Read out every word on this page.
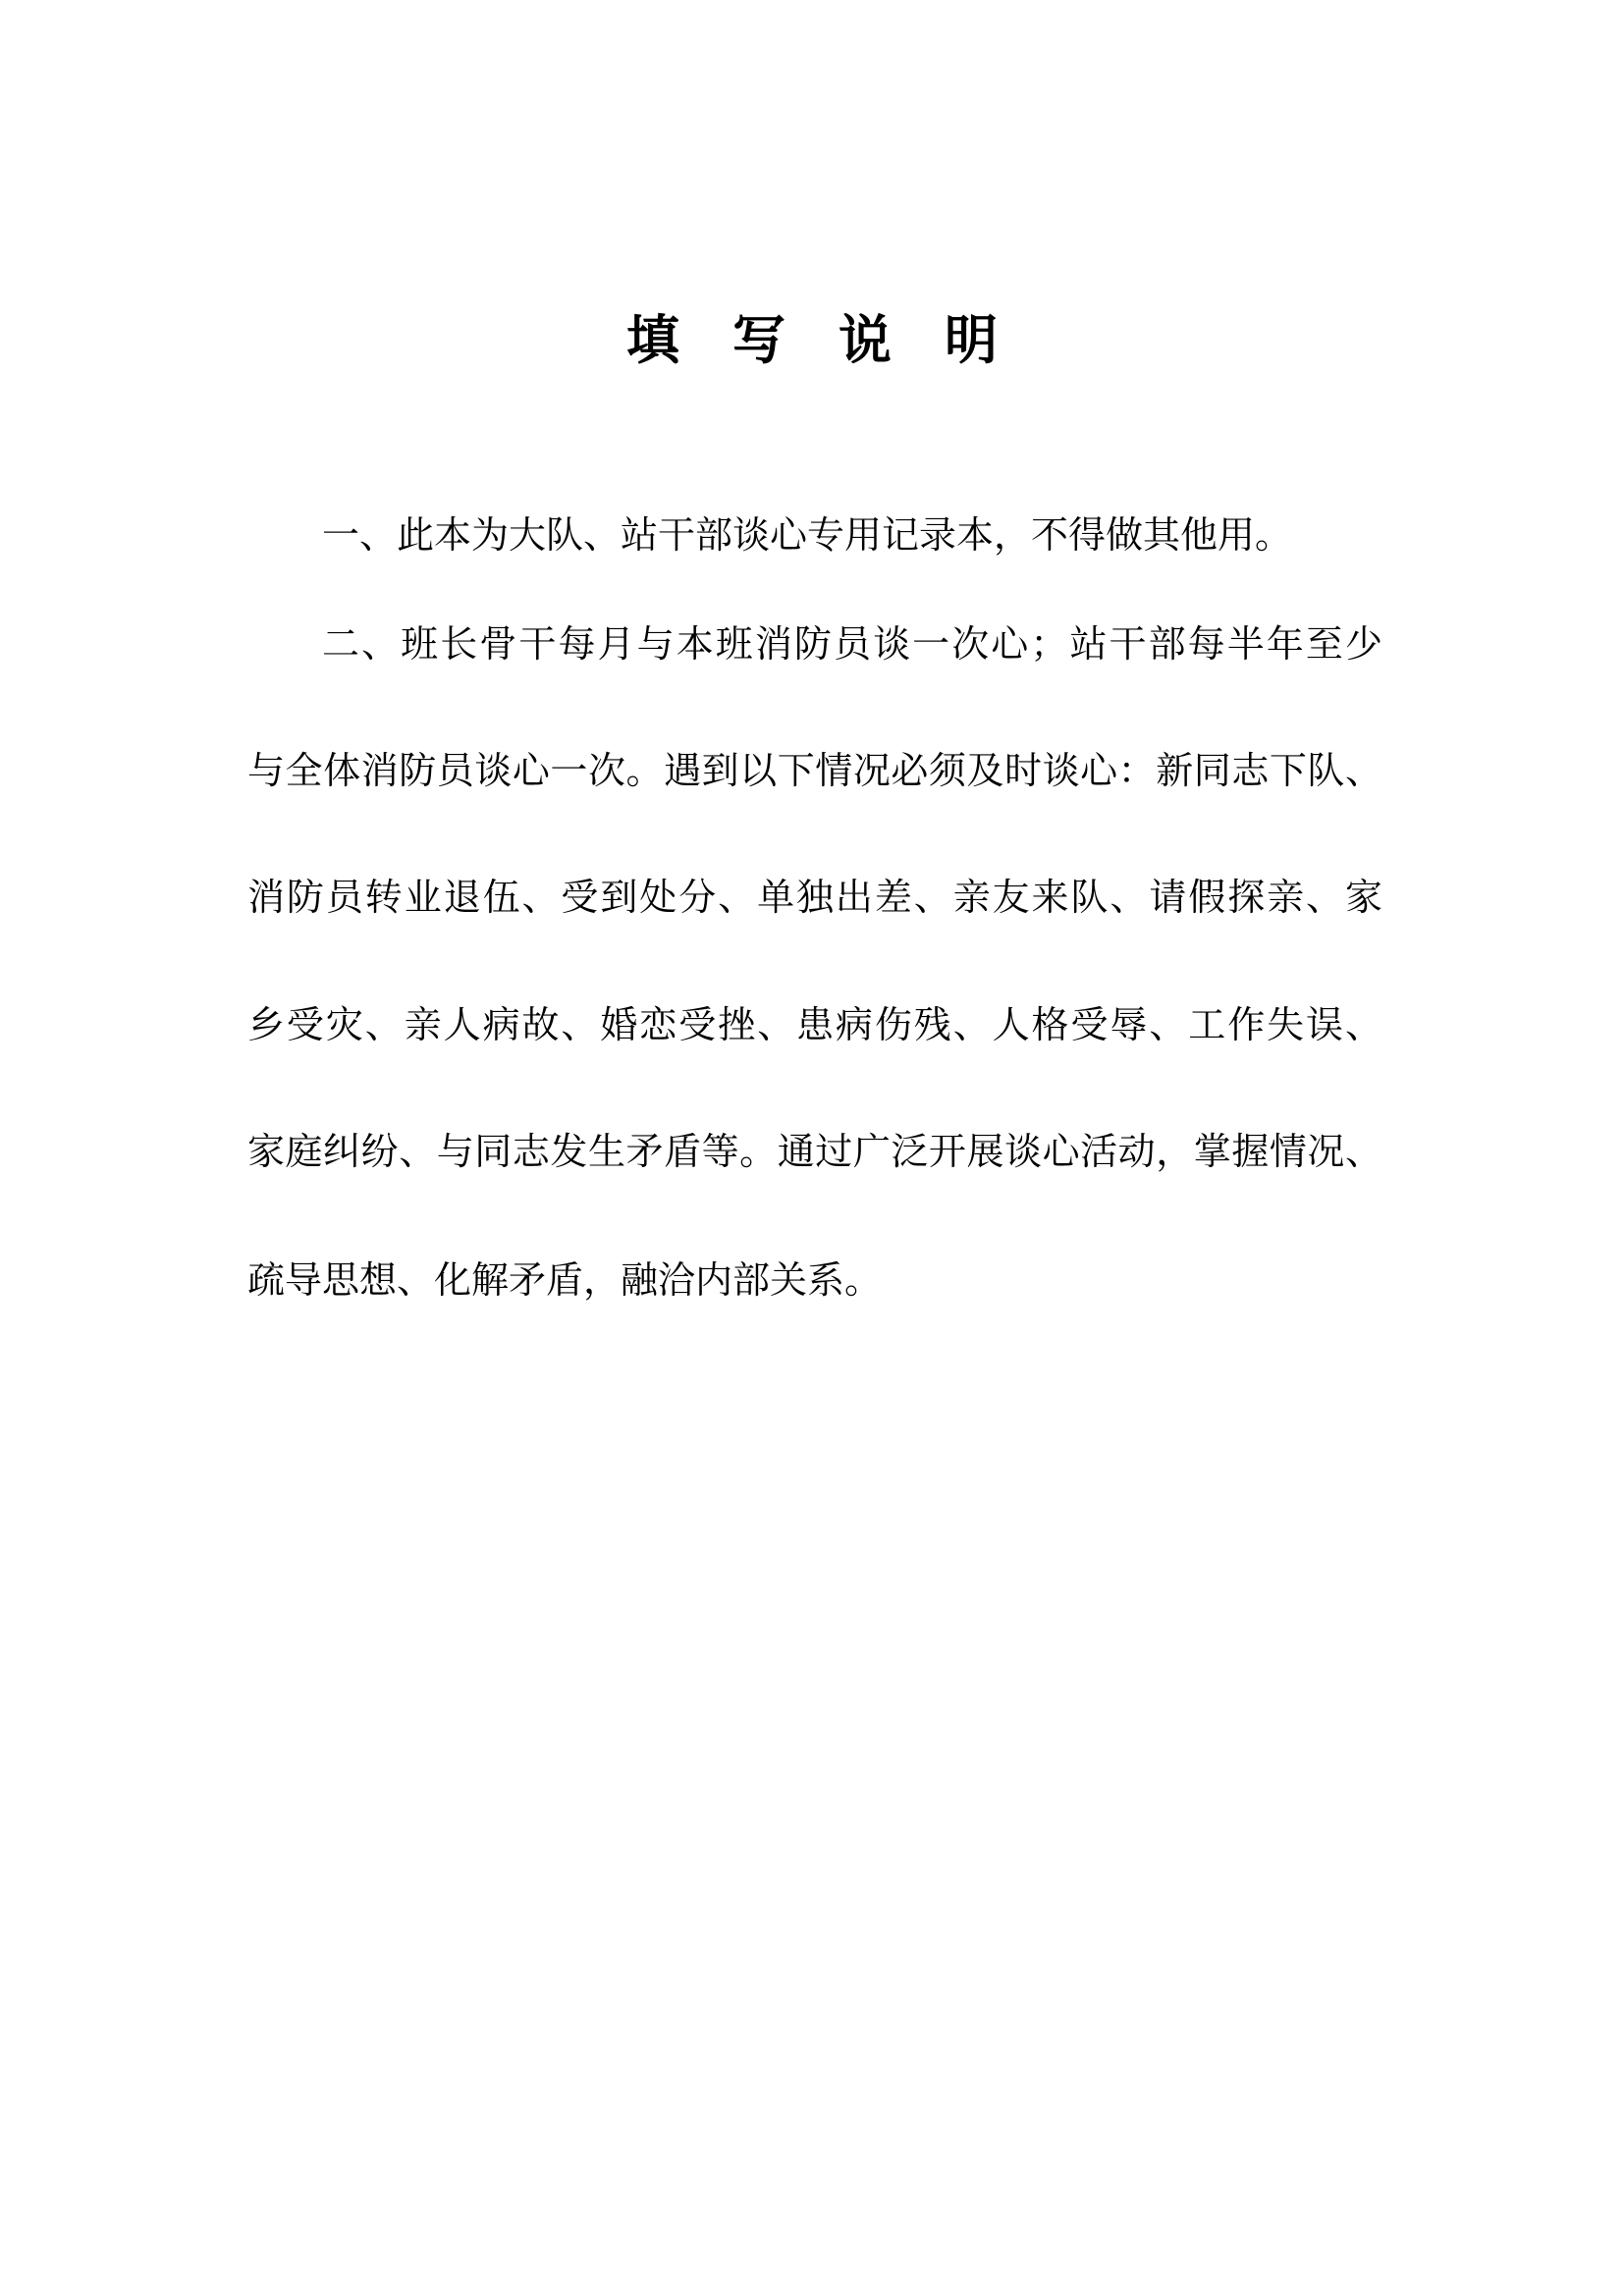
填　写　说　明
一、此本为大队、站干部谈心专用记录本，不得做其他用。
二、班长骨干每月与本班消防员谈一次心；站干部每半年至少
与全体消防员谈心一次。遇到以下情况必须及时谈心：新同志下队、
消防员转业退伍、受到处分、单独出差、亲友来队、请假探亲、家
乡受灾、亲人病故、婚恋受挫、患病伤残、人格受辱、工作失误、
家庭纠纷、与同志发生矛盾等。通过广泛开展谈心活动，掌握情况、
疏导思想、化解矛盾，融洽内部关系。
